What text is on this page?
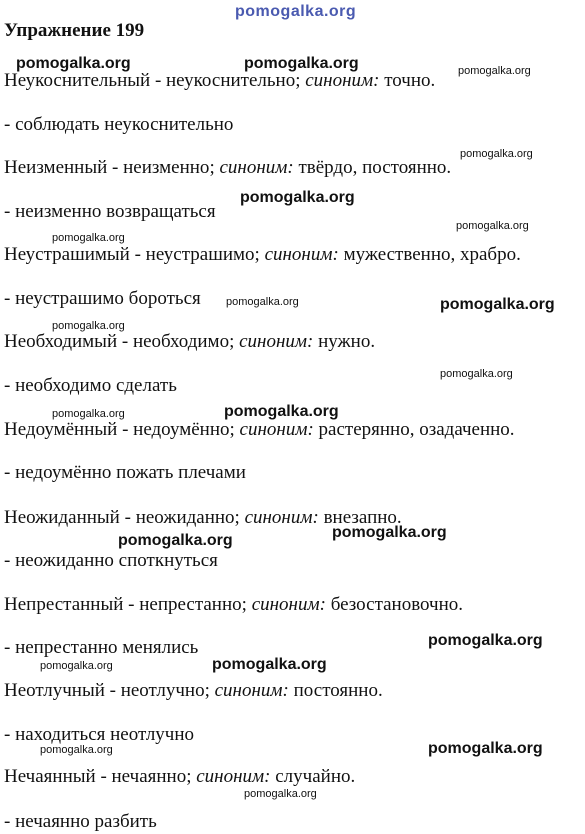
pomogalka.org
Упражнение 199
Неукоснительный - неукоснительно; синоним: точно.
- соблюдать неукоснительно
Неизменный - неизменно; синоним: твёрдо, постоянно.
- неизменно возвращаться
Неустрашимый - неустрашимо; синоним: мужественно, храбро.
- неустрашимо бороться
Необходимый - необходимо; синоним: нужно.
- необходимо сделать
Недоумённый - недоумённо; синоним: растерянно, озадаченно.
- недоумённо пожать плечами
Неожиданный - неожиданно; синоним: внезапно.
- неожиданно споткнуться
Непрестанный - непрестанно; синоним: безостановочно.
- непрестанно менялись
Неотлучный - неотлучно; синоним: постоянно.
- находиться неотлучно
Нечаянный - нечаянно; синоним: случайно.
- нечаянно разбить
pomogalka.org	pomogalka.org	pomogalka.org
pomogalka.org
pomogalka.org
pomogalka.org
pomogalka.org
pomogalka.org
pomogalka.org
pomogalka.org
pomogalka.org
pomogalka.org	pomogalka.org
pomogalka.org	pomogalka.org
pomogalka.org
pomogalka.org	pomogalka.org
pomogalka.org	pomogalka.org
pomogalka.org
